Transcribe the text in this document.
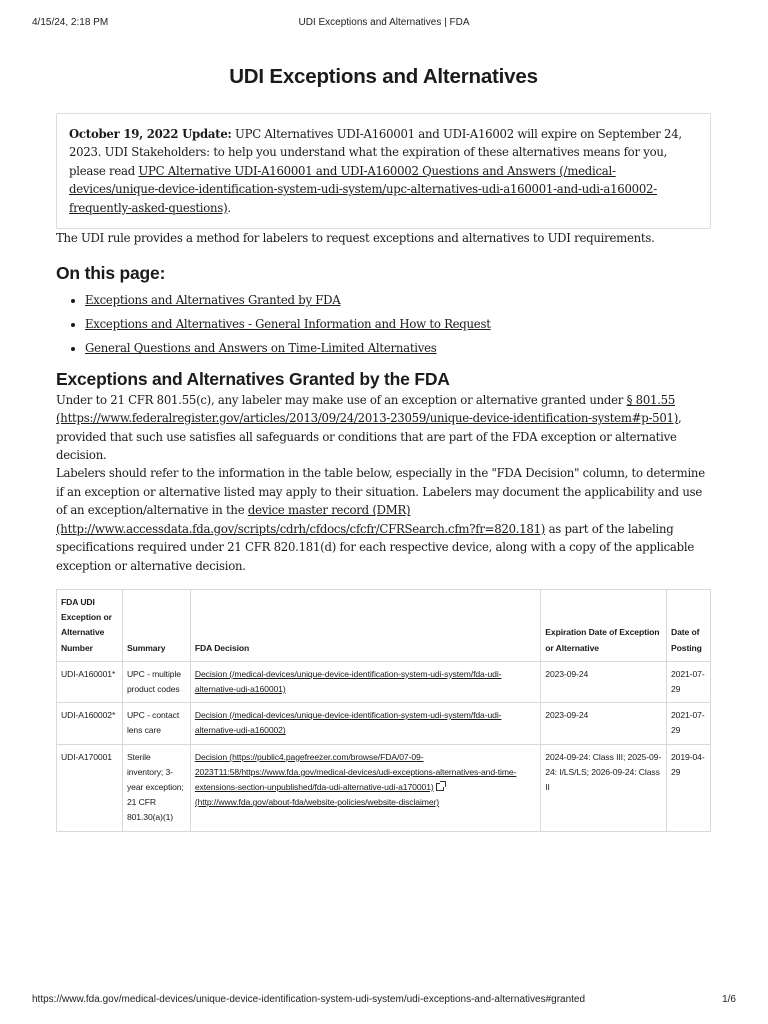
4/15/24, 2:18 PM	UDI Exceptions and Alternatives | FDA
UDI Exceptions and Alternatives
October 19, 2022 Update: UPC Alternatives UDI-A160001 and UDI-A16002 will expire on September 24, 2023. UDI Stakeholders: to help you understand what the expiration of these alternatives means for you, please read UPC Alternative UDI-A160001 and UDI-A160002 Questions and Answers (/medical-devices/unique-device-identification-system-udi-system/upc-alternatives-udi-a160001-and-udi-a160002-frequently-asked-questions).

The UDI rule provides a method for labelers to request exceptions and alternatives to UDI requirements.

On this page:
• Exceptions and Alternatives Granted by FDA
• Exceptions and Alternatives - General Information and How to Request
• General Questions and Answers on Time-Limited Alternatives
Exceptions and Alternatives Granted by the FDA

Under to 21 CFR 801.55(c), any labeler may make use of an exception or alternative granted under § 801.55 (https://www.federalregister.gov/articles/2013/09/24/2013-23059/unique-device-identification-system#p-501), provided that such use satisfies all safeguards or conditions that are part of the FDA exception or alternative decision.

Labelers should refer to the information in the table below, especially in the "FDA Decision" column, to determine if an exception or alternative listed may apply to their situation. Labelers may document the applicability and use of an exception/alternative in the device master record (DMR) (http://www.accessdata.fda.gov/scripts/cdrh/cfdocs/cfcfr/CFRSearch.cfm?fr=820.181) as part of the labeling specifications required under 21 CFR 820.181(d) for each respective device, along with a copy of the applicable exception or alternative decision.

FDA UDI Exception or Alternative Number	Summary	FDA Decision	Expiration Date of Exception or Alternative	Date of Posting
UDI-A160001*	UPC - multiple product codes	Decision (/medical-devices/unique-device-identification-system-udi-system/fda-udi-alternative-udi-a160001)	2023-09-24	2021-07-29
UDI-A160002*	UPC - contact lens care	Decision (/medical-devices/unique-device-identification-system-udi-system/fda-udi-alternative-udi-a160002)	2023-09-24	2021-07-29
UDI-A170001	Sterile inventory; 3-year exception; 21 CFR 801.30(a)(1)	Decision (https://public4.pagefreezer.com/browse/FDA/07-09-2023T11:58/https://www.fda.gov/medical-devices/udi-exceptions-alternatives-and-time-extensions-section-unpublished/fda-udi-alternative-udi-a170001) (http://www.fda.gov/about-fda/website-policies/website-disclaimer)	2024-09-24: Class III; 2025-09-24: I/LS/LS; 2026-09-24: Class II	2019-04-29
https://www.fda.gov/medical-devices/unique-device-identification-system-udi-system/udi-exceptions-and-alternatives#granted	1/6
